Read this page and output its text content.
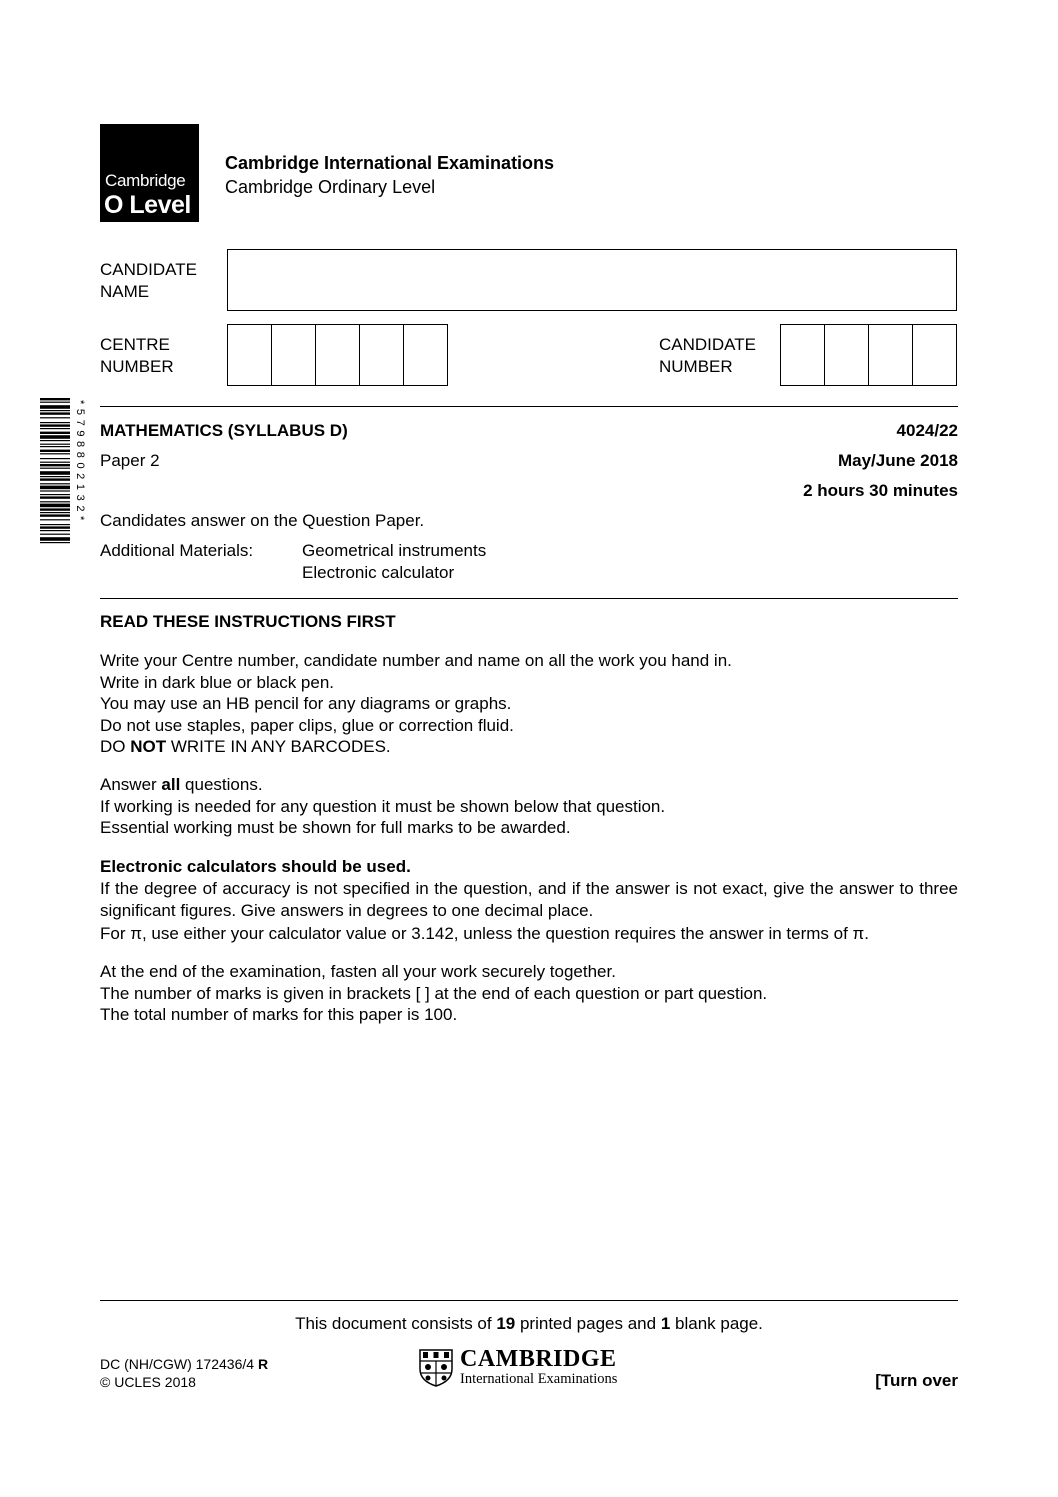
Cambridge
O Level
Cambridge International Examinations
Cambridge Ordinary Level
CANDIDATE
NAME
CENTRE
NUMBER
CANDIDATE
NUMBER
*5798802132* MATHEMATICS (SYLLABUS D)	4024/22
Paper 2	May/June 2018
2 hours 30 minutes
Candidates answer on the Question Paper.
Additional Materials:	Geometrical instruments
Electronic calculator
READ THESE INSTRUCTIONS FIRST

Write your Centre number, candidate number and name on all the work you hand in.

Write in dark blue or black pen.

You may use an HB pencil for any diagrams or graphs.

Do not use staples, paper clips, glue or correction fluid.

DO NOT WRITE IN ANY BARCODES.

Answer all questions.

If working is needed for any question it must be shown below that question.

Essential working must be shown for full marks to be awarded.

Electronic calculators should be used.

If the degree of accuracy is not specified in the question, and if the answer is not exact, give the answer to three significant figures. Give answers in degrees to one decimal place.

For π, use either your calculator value or 3.142, unless the question requires the answer in terms of π.

At the end of the examination, fasten all your work securely together.

The number of marks is given in brackets [ ] at the end of each question or part question.

The total number of marks for this paper is 100.

This document consists of 19 printed pages and 1 blank page.
DC (NH/CGW) 172436/4 R
© UCLES 2018
CAMBRIDGE
International Examinations	[Turn over
